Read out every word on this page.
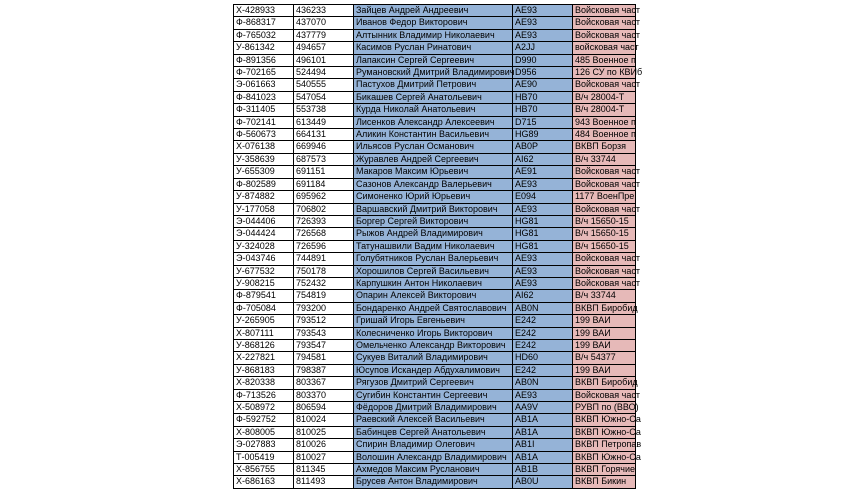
Х-428933	436233	Зайцев Андрей Андреевич	АЕ93	Войсковая част
Ф-868317	437070	Иванов Федор Викторович	АЕ93	Войсковая част
Ф-765032	437779	Алтынник Владимир Николаевич	АЕ93	Войсковая част
У-861342	494657	Касимов Руслан Ринатович	А2JJ	войсковая част
Ф-891356	496101	Лапаксин Сергей Сергеевич	D990	485 Военное п
Ф-702165	524494	Румановский Дмитрий Владимирович	D956	126 СУ по КВИб
Э-061663	540555	Пастухов Дмитрий Петрович	АЕ90	Войсковая част
Ф-841023	547054	Бикашев Сергей Анатольевич	НВ70	В/ч 28004-Т
Ф-311405	553738	Курда Николай Анатольевич	НВ70	В/ч 28004-Т
Ф-702141	613449	Лисенков Александр Алексеевич	D715	943 Военное п
Ф-560673	664131	Аликин Константин Васильевич	HG89	484 Военное п
Х-076138	669946	Ильясов Руслан Османович	АВ0Р	ВКВП Борзя
У-358639	687573	Журавлев Андрей Сергеевич	АI62	В/ч 33744
У-655309	691151	Макаров Максим Юрьевич	АЕ91	Войсковая част
Ф-802589	691184	Сазонов Александр Валерьевич	АЕ93	Войсковая част
У-874882	695962	Симоненко Юрий Юрьевич	Е094	1177 ВоенПре
У-177058	706802	Варшавский Дмитрий Викторович	АЕ93	Войсковая част
Э-044406	726393	Боргер Сергей Викторович	HG81	В/ч 15650-15
Э-044424	726568	Рыжов Андрей Владимирович	HG81	В/ч 15650-15
У-324028	726596	Татунашвили Вадим Николаевич	HG81	В/ч 15650-15
Э-043746	744891	Голубятников Руслан Валерьевич	АЕ93	Войсковая част
У-677532	750178	Хорошилов Сергей Васильевич	АЕ93	Войсковая част
У-908215	752432	Карпушкин Антон Николаевич	АЕ93	Войсковая част
Ф-879541	754819	Опарин Алексей Викторович	АI62	В/ч 33744
Ф-705084	793200	Бондаренко Андрей Святославович	АВ0N	ВКВП Биробид
У-265905	793512	Гришай Игорь Евгеньевич	Е242	199 ВАИ
Х-807111	793543	Колесниченко Игорь Викторович	Е242	199 ВАИ
У-868126	793547	Омельченко Александр Викторович	Е242	199 ВАИ
Х-227821	794581	Сукуев Виталий Владимирович	HD60	В/ч 54377
У-868183	798387	Юсупов Искандер Абдухалимович	Е242	199 ВАИ
Х-820338	803367	Рягузов Дмитрий Сергеевич	АВ0N	ВКВП Биробид
Ф-713526	803370	Сугибин Константин Сергеевич	АЕ93	Войсковая част
Х-508972	806594	Фёдоров Дмитрий Владимирович	АА9V	РУВП по (ВВО)
Ф-592752	810024	Раевский Алексей Васильевич	АВ1А	ВКВП Южно-Са
Х-808005	810025	Бабинцев Сергей Анатольевич	АВ1А	ВКВП Южно-Са
Э-027883	810026	Спирин Владимир Олегович	АВ1I	ВКВП Петропав
Т-005419	810027	Волошин Александр Владимирович	АВ1А	ВКВП Южно-Са
Х-856755	811345	Ахмедов Максим Русланович	АВ1В	ВКВП Горячие
Х-686163	811493	Брусев Антон Владимирович	АВ0U	ВКВП Бикин
